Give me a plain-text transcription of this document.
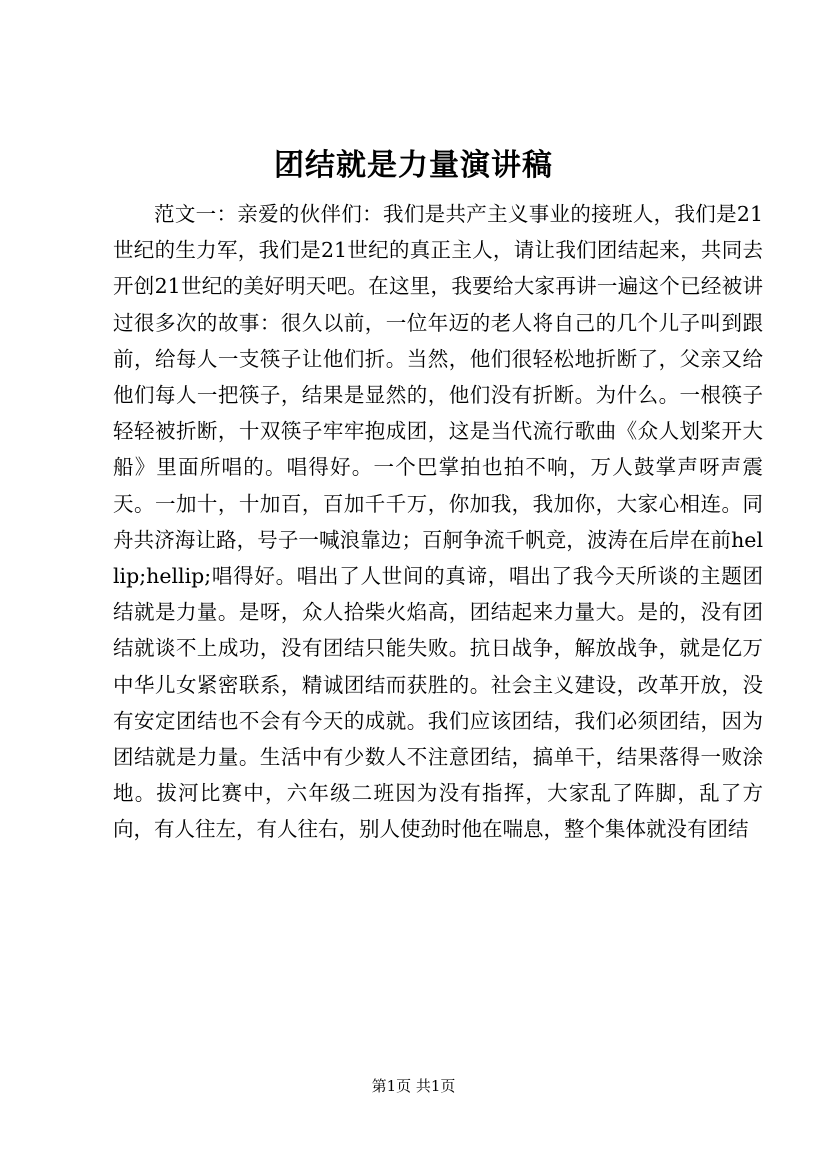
团结就是力量演讲稿

范文一：亲爱的伙伴们：我们是共产主义事业的接班人，我们是21世纪的生力军，我们是21世纪的真正主人，请让我们团结起来，共同去开创21世纪的美好明天吧。在这里，我要给大家再讲一遍这个已经被讲过很多次的故事：很久以前，一位年迈的老人将自己的几个儿子叫到跟前，给每人一支筷子让他们折。当然，他们很轻松地折断了，父亲又给他们每人一把筷子，结果是显然的，他们没有折断。为什么。一根筷子轻轻被折断，十双筷子牢牢抱成团，这是当代流行歌曲《众人划桨开大船》里面所唱的。唱得好。一个巴掌拍也拍不响，万人鼓掌声呀声震天。一加十，十加百，百加千千万，你加我，我加你，大家心相连。同舟共济海让路，号子一喊浪靠边；百舸争流千帆竞，波涛在后岸在前hellip;hellip;唱得好。唱出了人世间的真谛，唱出了我今天所谈的主题团结就是力量。是呀，众人拾柴火焰高，团结起来力量大。是的，没有团结就谈不上成功，没有团结只能失败。抗日战争，解放战争，就是亿万中华儿女紧密联系，精诚团结而获胜的。社会主义建设，改革开放，没有安定团结也不会有今天的成就。我们应该团结，我们必须团结，因为团结就是力量。生活中有少数人不注意团结，搞单干，结果落得一败涂地。拔河比赛中，六年级二班因为没有指挥，大家乱了阵脚，乱了方向，有人往左，有人往右，别人使劲时他在喘息，整个集体就没有团结

第1页 共1页
